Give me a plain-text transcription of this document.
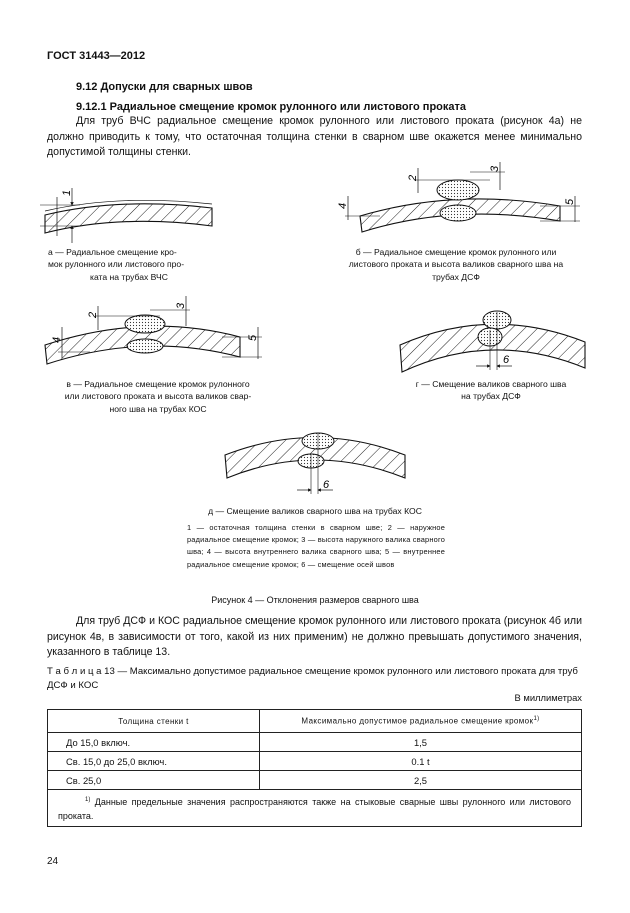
ГОСТ 31443—2012
9.12 Допуски для сварных швов
9.12.1 Радиальное смещение кромок рулонного или листового проката
Для труб ВЧС радиальное смещение кромок рулонного или листового проката (рисунок 4а) не должно приводить к тому, что остаточная толщина стенки в сварном шве окажется менее минимально допустимой толщины стенки.
1
4
2
3
5
4
2
3
5
6
6
а — Радиальное смещение кро-
мок рулонного или листового про-
ката на трубах ВЧС
б — Радиальное смещение кромок рулонного или
листового проката и высота валиков сварного шва на
трубах ДСФ
в — Радиальное смещение кромок рулонного
или листового проката и высота валиков свар-
ного шва на трубах КОС
г — Смещение валиков сварного шва
на трубах ДСФ
д — Смещение валиков сварного шва на трубах КОС
1 — остаточная толщина стенки в сварном шве; 2 — наружное радиальное смещение кромок; 3 — высота наружного валика сварного шва; 4 — высота внутреннего валика сварного шва; 5 — внутреннее радиальное смещение кромок; 6 — смещение осей швов
Рисунок 4 — Отклонения размеров сварного шва
Для труб ДСФ и КОС радиальное смещение кромок рулонного или листового проката (рисунок 4б или рисунок 4в, в зависимости от того, какой из них применим) не должно превышать допустимого значения, указанного в таблице 13.
Т а б л и ц а 13 — Максимально допустимое радиальное смещение кромок рулонного или листового проката для труб ДСФ и КОС
В миллиметрах
Толщина стенки t	Максимально допустимое радиальное смещение кромок$^{1)}$
До 15,0 включ.	1,5
Св. 15,0 до 25,0 включ.	0.1 t
Св. 25,0	2,5
$^{1)}$ Данные предельные значения распространяются также на стыковые сварные швы рулонного или листового проката.	
24
